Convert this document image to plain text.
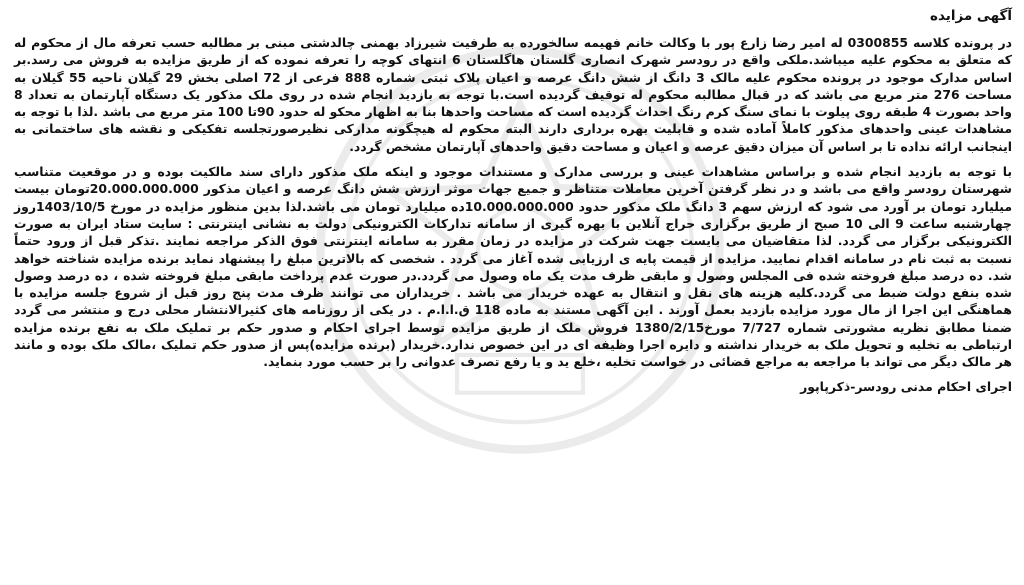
آگهی مزایده

در پرونده کلاسه 0300855 له امیر رضا زارع پور با وکالت خانم فهیمه سالخورده به طرفیت شیرزاد بهمنی چالدشتی مبنی بر مطالبه حسب تعرفه مال از محکوم له که متعلق به محکوم علیه میباشد.ملکی واقع در رودسر شهرک انصاری گلستان هاگلستان 6 انتهای کوچه را تعرفه نموده که از طریق مزایده به فروش می رسد.بر اساس مدارک موجود در پرونده محکوم علیه مالک 3 دانگ از شش دانگ عرصه و اعیان پلاک ثبتی شماره 888 فرعی از 72 اصلی بخش 29 گیلان ناحیه 55 گیلان به مساحت 276 متر مربع می باشد که در قبال مطالبه محکوم له توقیف گردیده است.با توجه به بازدید انجام شده در روی ملک مذکور یک دستگاه آپارتمان به تعداد 8 واحد بصورت 4 طبقه روی پیلوت با نمای سنگ کرم رنگ احداث گردیده است که مساحت واحدها بنا به اظهار محکو له حدود 90تا 100 متر مربع می باشد .لذا با توجه به مشاهدات عینی واحدهای مذکور کاملاً آماده شده و قابلیت بهره برداری دارند البته محکوم له هیچگونه مدارکی نظیرصورتجلسه تفکیکی و نقشه های ساختمانی به اینجانب ارائه نداده تا بر اساس آن میزان دقیق عرصه و اعیان و مساحت دقیق واحدهای آپارتمان مشخص گردد.

با توجه به بازدید انجام شده و براساس مشاهدات عینی و بررسی مدارک و مستندات موجود و اینکه ملک مذکور دارای سند مالکیت بوده و در موقعیت متناسب شهرستان رودسر واقع می باشد و در نظر گرفتن آخرین معاملات متناظر و جمیع جهات موثر ارزش شش دانگ عرصه و اعیان مذکور 20.000.000.000تومان بیست میلیارد تومان بر آورد می شود که ارزش سهم 3 دانگ ملک مذکور حدود 10.000.000.000ده میلیارد تومان می باشد.لذا بدین منظور مزایده در مورخ 1403/10/5روز چهارشنبه ساعت 9 الی 10 صبح از طریق برگزاری حراج آنلاین با بهره گیری از سامانه تدارکات الکترونیکی دولت به نشانی اینترنتی : سایت ستاد ایران به صورت الکترونیکی برگزار می گردد. لذا متقاضیان می بایست جهت شرکت در مزایده در زمان مقرر به سامانه اینترنتی فوق الذکر مراجعه نمایند .تذکر قبل از ورود حتماً نسبت به ثبت نام در سامانه اقدام نمایید. مزایده از قیمت پایه ی ارزیابی شده آغاز می گردد . شخصی که بالاترین مبلغ را پیشنهاد نماید برنده مزایده شناخته خواهد شد. ده درصد مبلغ فروخته شده فی المجلس وصول و مابقی ظرف مدت یک ماه وصول می گردد.در صورت عدم پرداخت مابقی مبلغ فروخته شده ، ده درصد وصول شده بنفع دولت ضبط می گردد.کلیه هزینه های نقل و انتقال به عهده خریدار می باشد . خریداران می توانند ظرف مدت پنج روز قبل از شروع جلسه مزایده با هماهنگی این اجرا از مال مورد مزایده بازدید بعمل آورند . این آگهی مستند به ماده 118 ق.ا.ا.م . در یکی از روزنامه های کثیرالانتشار محلی درج و منتشر می گردد ضمنا مطابق نظریه مشورتی شماره 7/727 مورخ1380/2/15 فروش ملک از طریق مزایده توسط اجرای احکام و صدور حکم بر تملیک ملک به نفع برنده مزایده ارتباطی به تخلیه و تحویل ملک به خریدار نداشته و دایره اجرا وظیفه ای در این خصوص ندارد.خریدار (برنده مزایده)پس از صدور حکم تملیک ،مالک ملک بوده و مانند هر مالک دیگر می تواند با مراجعه به مراجع قضائی در خواست تخلیه ،خلع ید و یا رفع تصرف عدوانی را بر حسب مورد بنماید.

اجرای احکام مدنی رودسر-ذکرپاپور
